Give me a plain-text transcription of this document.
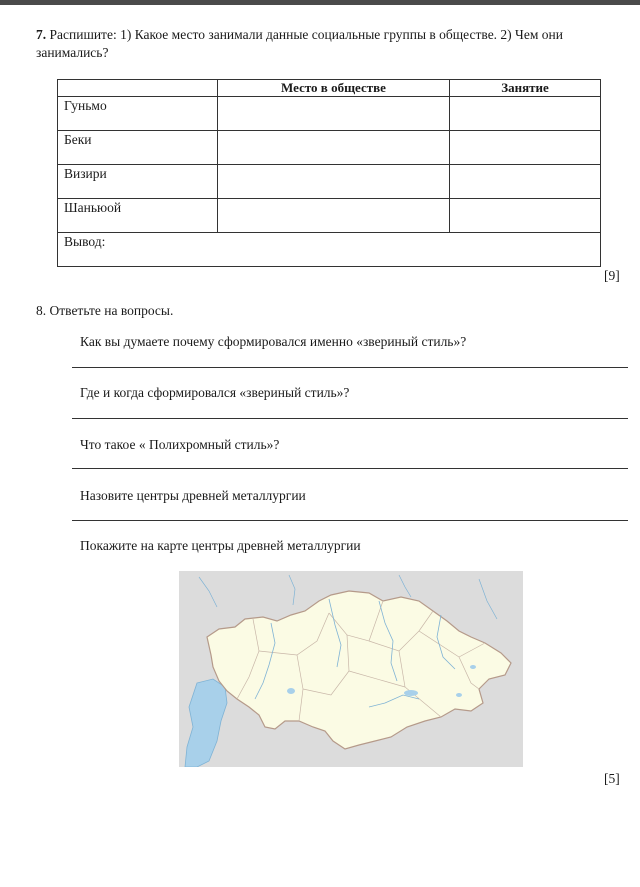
7. Распишите: 1) Какое место занимали данные социальные группы в обществе. 2) Чем они занимались?
	Место в обществе	Занятие
Гуньмо		
Беки		
Визири		
Шаньюой		
Вывод:		
[9]
8. Ответьте на вопросы.
Как вы думаете почему сформировался именно «звериный стиль»?
Где и когда сформировался «звериный стиль»?
Что такое « Полихромный стиль»?
Назовите центры древней металлургии
Покажите на карте центры древней металлургии
[5]
